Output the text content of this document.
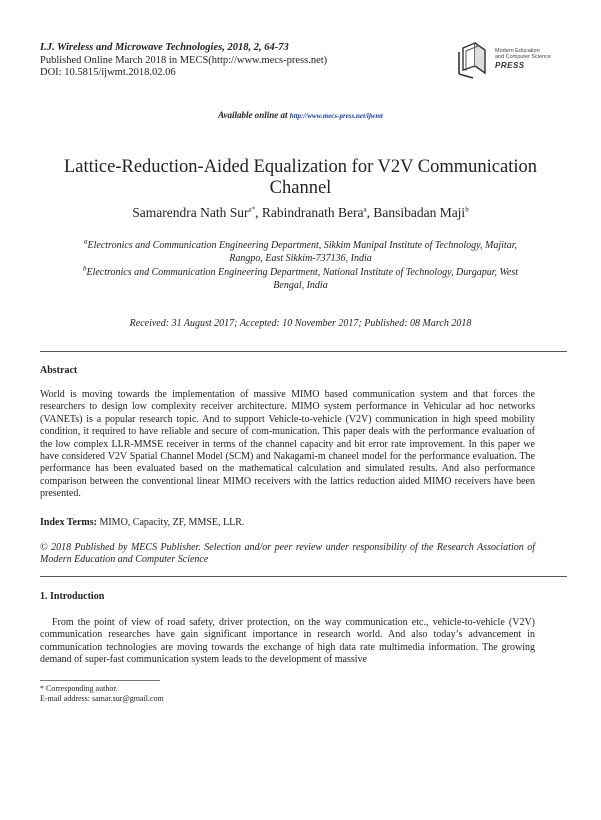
I.J. Wireless and Microwave Technologies, 2018, 2, 64-73
Published Online March 2018 in MECS(http://www.mecs-press.net)
DOI: 10.5815/ijwmt.2018.02.06
Modern Education
and Computer Science
PRESS
Available online at http://www.mecs-press.net/ijwmt
Lattice-Reduction-Aided Equalization for V2V Communication
Channel
Samarendra Nath Sur$^{a*}$, Rabindranath Bera$^a$, Bansibadan Maji$^b$
$^a$Electronics and Communication Engineering Department, Sikkim Manipal Institute of Technology, Majitar,
Rangpo, East Sikkim-737136, India
$^b$Electronics and Communication Engineering Department, National Institute of Technology, Durgapur, West
Bengal, India
Received: 31 August 2017; Accepted: 10 November 2017; Published: 08 March 2018
Abstract
World is moving towards the implementation of massive MIMO based communication system and that forces the researchers to design low complexity receiver architecture. MIMO system performance in Vehicular ad hoc networks (VANETs) is a popular research topic. And to support Vehicle-to-vehicle (V2V) communication in high speed mobility condition, it required to have reliable and secure of com-munication. This paper deals with the performance evaluation of the low complex LLR-MMSE receiver in terms of the channel capacity and bit error rate improvement. In this paper we have considered V2V Spatial Channel Model (SCM) and Nakagami-m chaneel model for the performance evaluation. The performance has been evaluated based on the mathematical calculation and simulated results. And also performance comparison between the conventional linear MIMO receivers with the lattics reduction aided MIMO receivers have been presented.
Index Terms: MIMO, Capacity, ZF, MMSE, LLR.
© 2018 Published by MECS Publisher. Selection and/or peer review under responsibility of the Research Association of Modern Education and Computer Science
1. Introduction
From the point of view of road safety, driver protection, on the way communication etc., vehicle-to-vehicle (V2V) communication researches have gain significant importance in research world. And also today’s advancement in communication technologies are moving towards the exchange of high data rate multimedia information. The growing demand of super-fast communication system leads to the development of massive
* Corresponding author.
E-mail address: samar.sur@gmail.com
